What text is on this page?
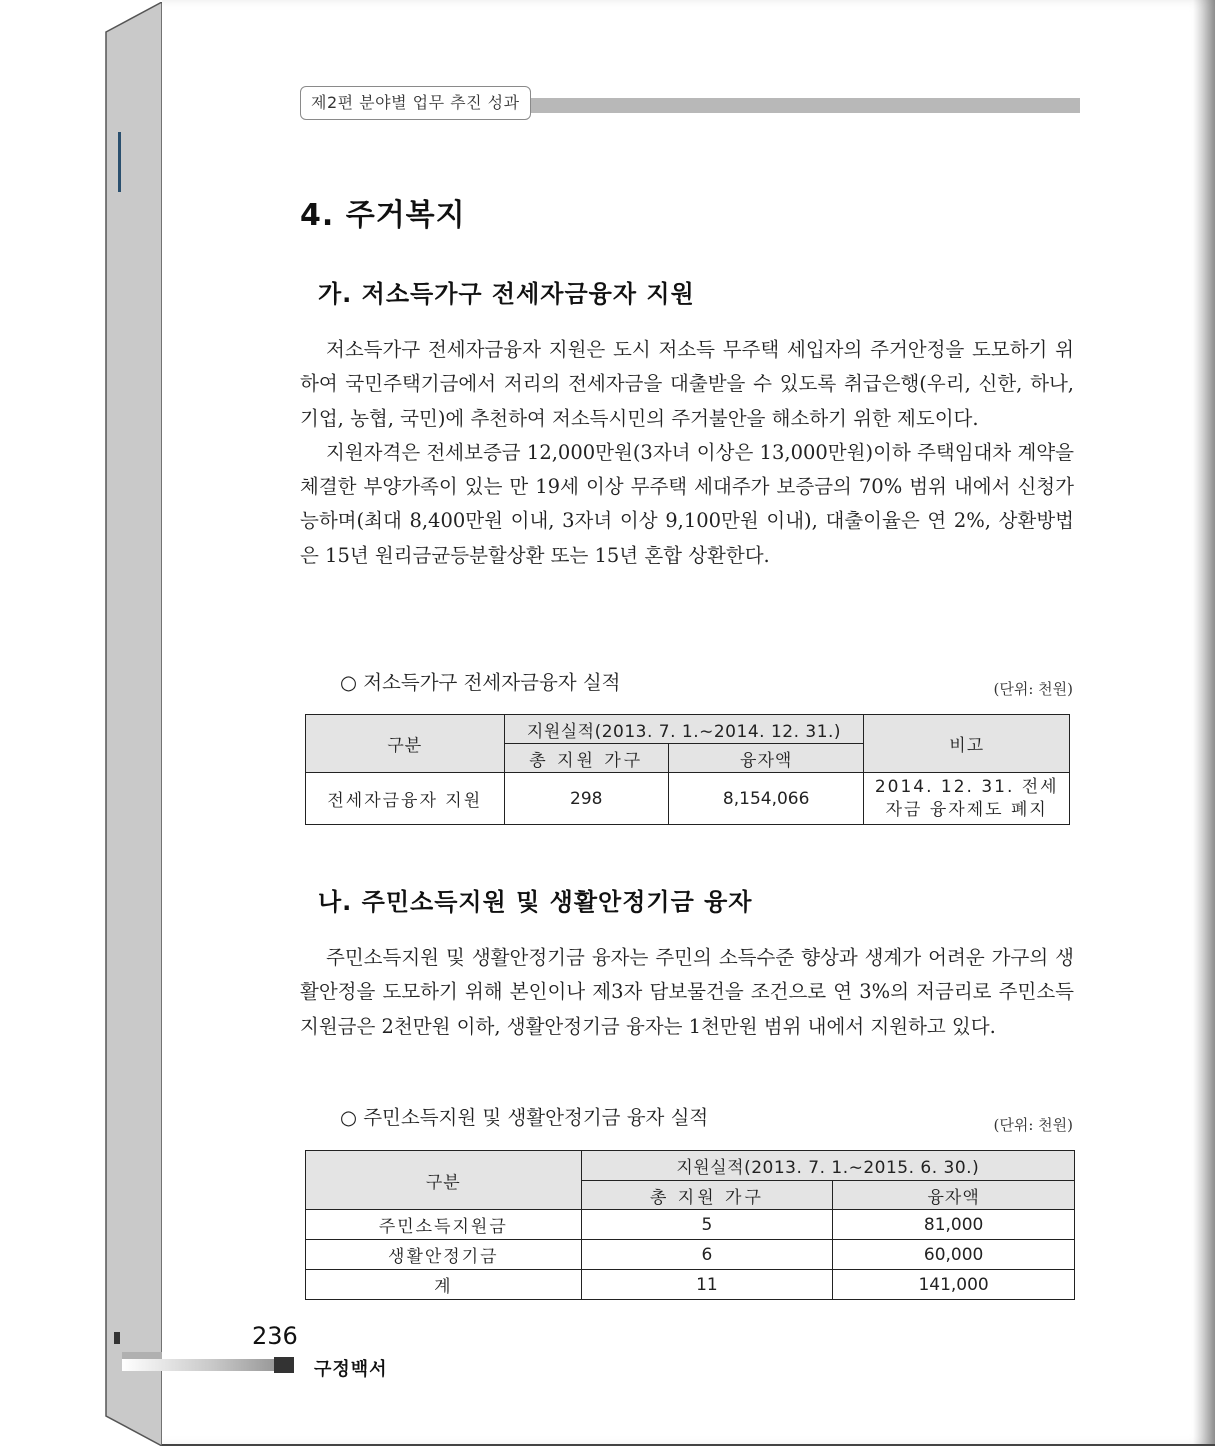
제2편 분야별 업무 추진 성과
4. 주거복지
가. 저소득가구 전세자금융자 지원

저소득가구 전세자금융자 지원은 도시 저소득 무주택 세입자의 주거안정을 도모하기 위하여 국민주택기금에서 저리의 전세자금을 대출받을 수 있도록 취급은행(우리, 신한, 하나, 기업, 농협, 국민)에 추천하여 저소득시민의 주거불안을 해소하기 위한 제도이다.

지원자격은 전세보증금 12,000만원(3자녀 이상은 13,000만원)이하 주택임대차 계약을 체결한 부양가족이 있는 만 19세 이상 무주택 세대주가 보증금의 70% 범위 내에서 신청가능하며(최대 8,400만원 이내, 3자녀 이상 9,100만원 이내), 대출이율은 연 2%, 상환방법은 15년 원리금균등분할상환 또는 15년 혼합 상환한다.

○ 저소득가구 전세자금융자 실적	(단위: 천원)
구분	지원실적(2013. 7. 1.∼2014. 12. 31.)		비고
	총 지원 가구	융자액	
전세자금융자 지원	298	8,154,066	2014. 12. 31. 전세자금 융자제도 폐지
나. 주민소득지원 및 생활안정기금 융자

주민소득지원 및 생활안정기금 융자는 주민의 소득수준 향상과 생계가 어려운 가구의 생활안정을 도모하기 위해 본인이나 제3자 담보물건을 조건으로 연 3%의 저금리로 주민소득지원금은 2천만원 이하, 생활안정기금 융자는 1천만원 범위 내에서 지원하고 있다.

○ 주민소득지원 및 생활안정기금 융자 실적	(단위: 천원)
구분	지원실적(2013. 7. 1.∼2015. 6. 30.)	
	총 지원 가구	융자액
주민소득지원금	5	81,000
생활안정기금	6	60,000
계	11	141,000
236
구정백서
